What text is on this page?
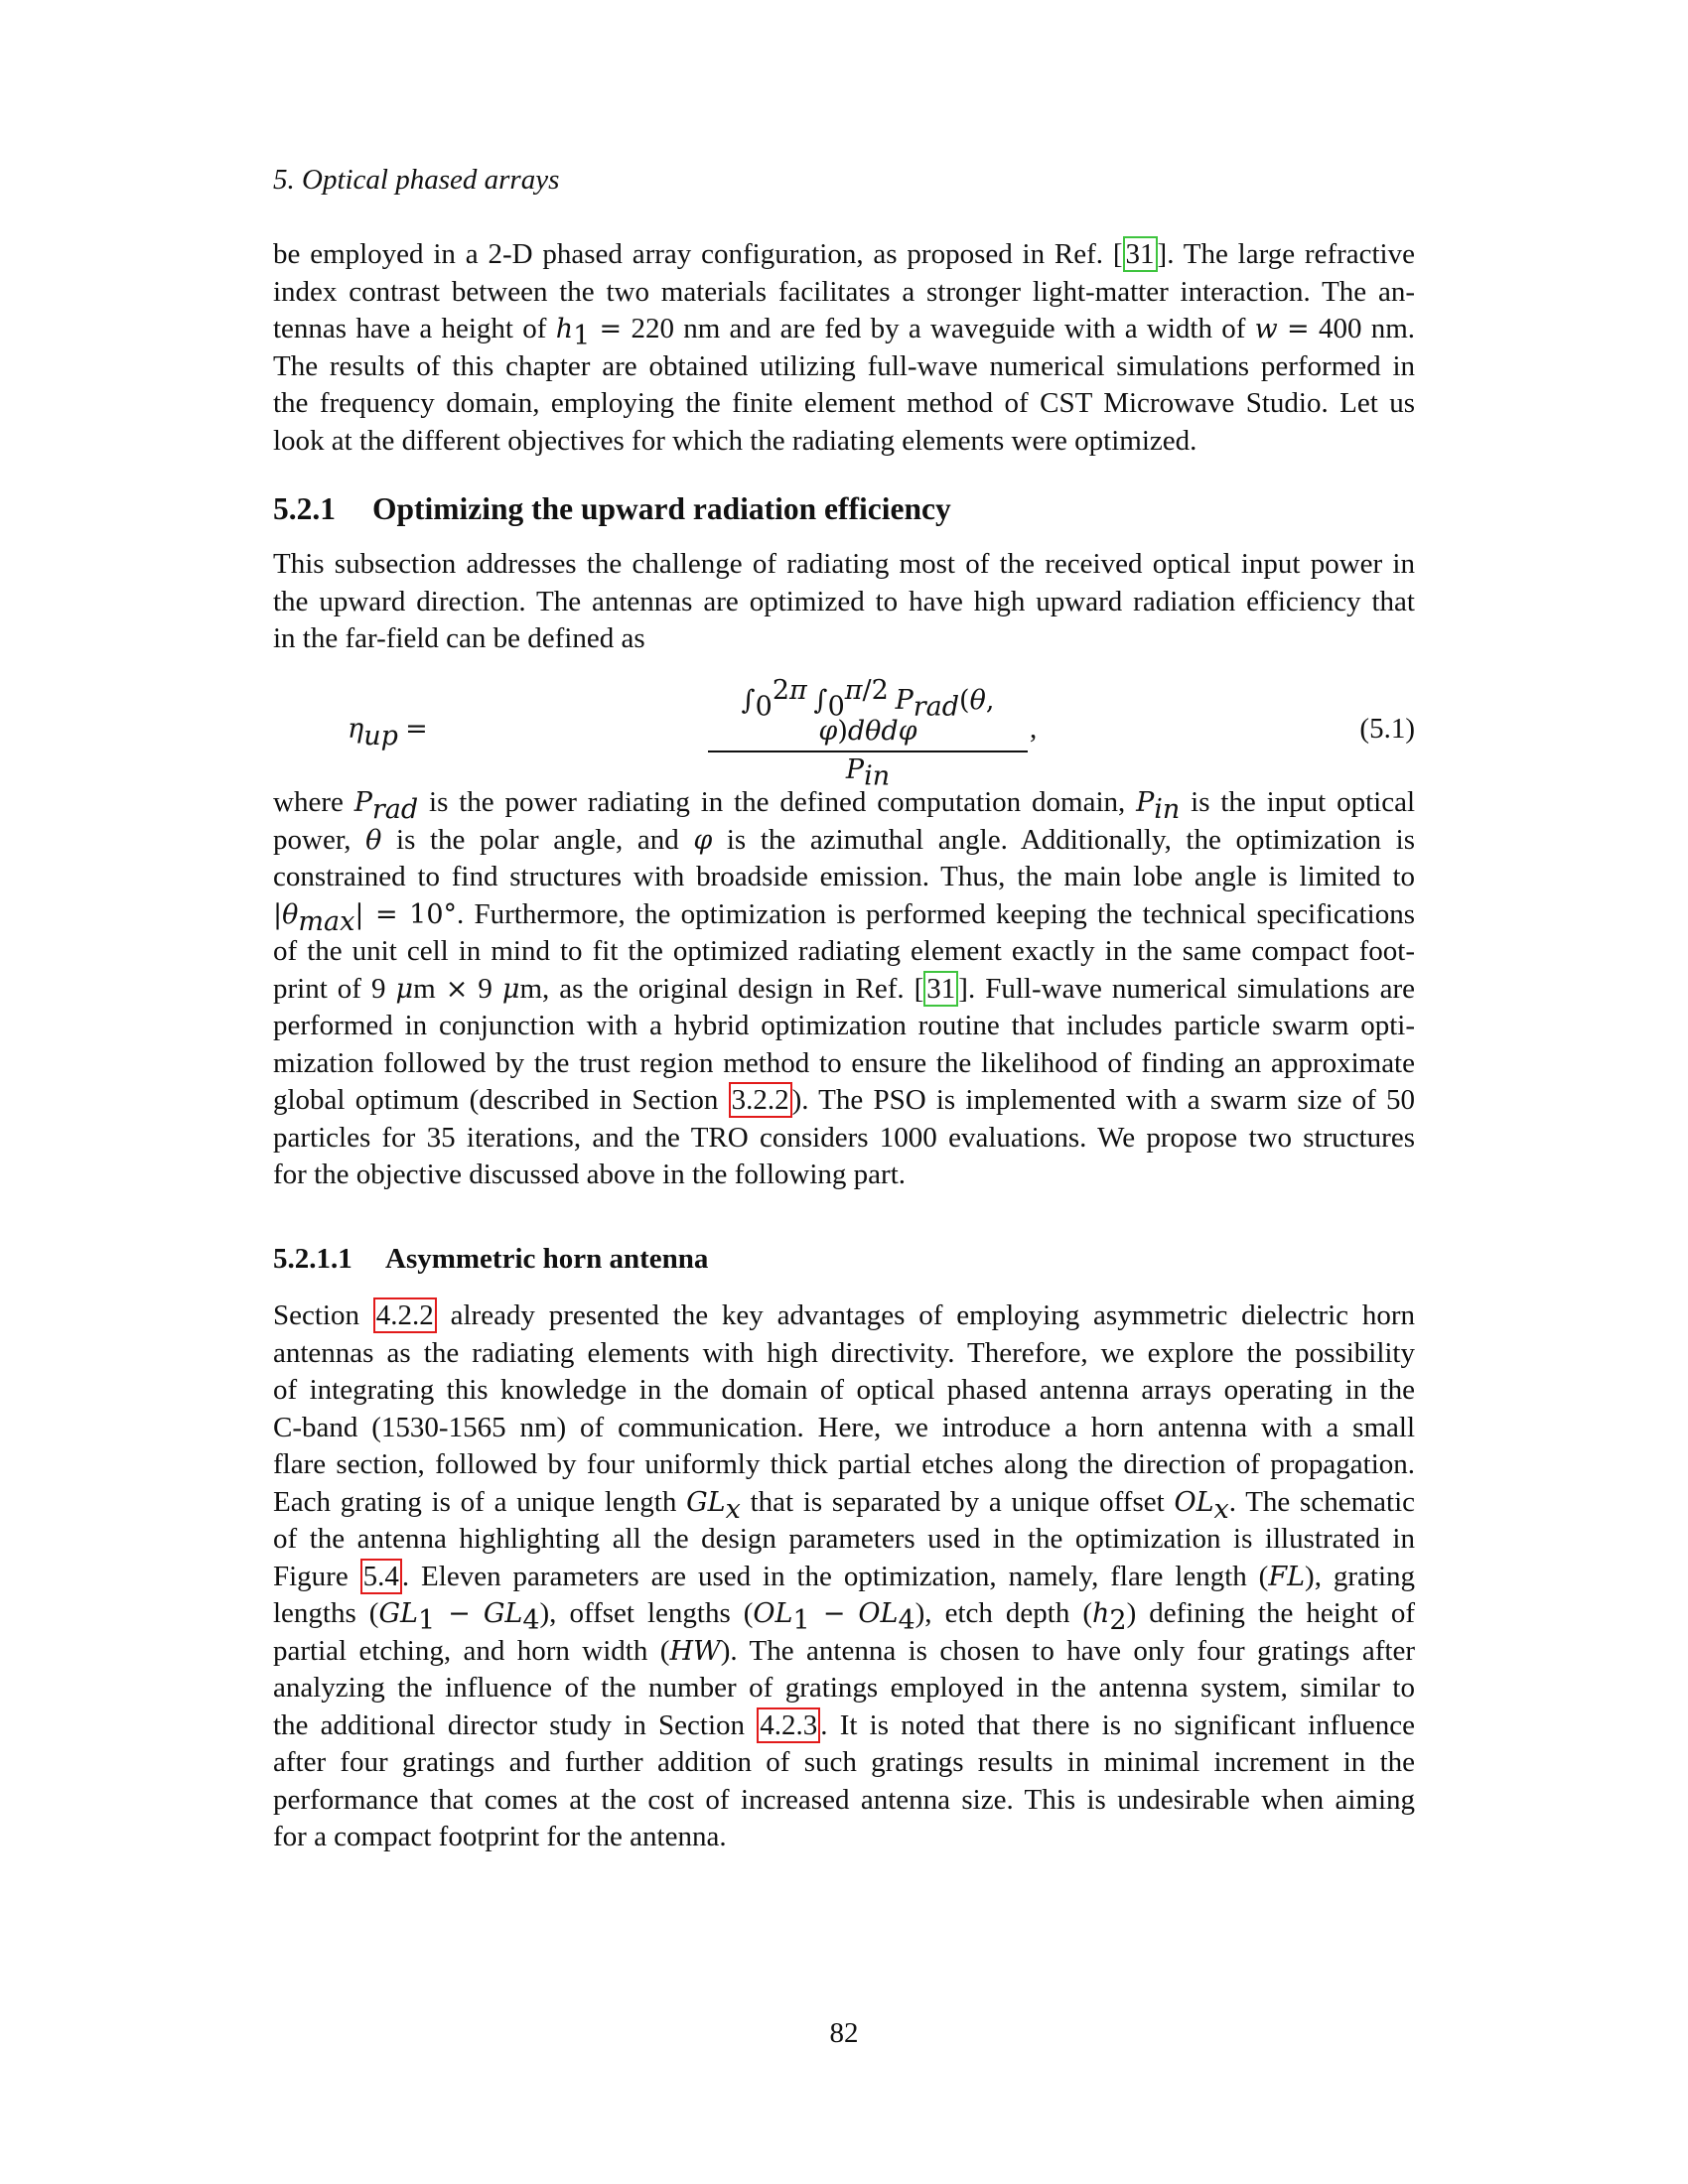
5. Optical phased arrays
be employed in a 2-D phased array configuration, as proposed in Ref. [ 31 ]. The large refractive
index contrast between the two materials facilitates a stronger light-matter interaction. The an-
tennas have a height of $h_1 = 220$ nm and are fed by a waveguide with a width of w = 400 nm.
The results of this chapter are obtained utilizing full-wave numerical simulations performed in
the frequency domain, employing the finite element method of CST Microwave Studio. Let us
look at the different objectives for which the radiating elements were optimized.
5.2.1 Optimizing the upward radiation efficiency
This subsection addresses the challenge of radiating most of the received optical input power in
the upward direction. The antennas are optimized to have high upward radiation efficiency that
in the far-field can be defined as
$\eta_{up}$ =
$\int_0^{2\pi}$ $\int_0^{\pi/2}$ $P_{rad}(\theta$, φ)dθdφ
$P_{in}$
,	(5.1)
where $P_{rad}$ is the power radiating in the defined computation domain, $P_{in}$ is the input optical
power, θ is the polar angle, and φ is the azimuthal angle. Additionally, the optimization is
constrained to find structures with broadside emission. Thus, the main lobe angle is limited to
$|\theta_{max}| = 10^\circ$. Furthermore, the optimization is performed keeping the technical specifications
of the unit cell in mind to fit the optimized radiating element exactly in the same compact foot-
print of 9 μm × 9 μm, as the original design in Ref. [ 31 ]. Full-wave numerical simulations are
performed in conjunction with a hybrid optimization routine that includes particle swarm opti-
mization followed by the trust region method to ensure the likelihood of finding an approximate
global optimum (described in Section 3.2.2 ). The PSO is implemented with a swarm size of 50
particles for 35 iterations, and the TRO considers 1000 evaluations. We propose two structures
for the objective discussed above in the following part.
5.2.1.1 Asymmetric horn antenna
Section 4.2.2 already presented the key advantages of employing asymmetric dielectric horn
antennas as the radiating elements with high directivity. Therefore, we explore the possibility
of integrating this knowledge in the domain of optical phased antenna arrays operating in the
C-band (1530-1565 nm) of communication. Here, we introduce a horn antenna with a small
flare section, followed by four uniformly thick partial etches along the direction of propagation.
Each grating is of a unique length $GL_x$ that is separated by a unique offset $OL_x$. The schematic
of the antenna highlighting all the design parameters used in the optimization is illustrated in
Figure 5.4 . Eleven parameters are used in the optimization, namely, flare length (FL), grating
lengths $(GL_1 - GL_4)$, offset lengths $(OL_1 - OL_4)$, etch depth $(h_2)$ defining the height of
partial etching, and horn width (HW). The antenna is chosen to have only four gratings after
analyzing the influence of the number of gratings employed in the antenna system, similar to
the additional director study in Section 4.2.3 . It is noted that there is no significant influence
after four gratings and further addition of such gratings results in minimal increment in the
performance that comes at the cost of increased antenna size. This is undesirable when aiming
for a compact footprint for the antenna.
82
